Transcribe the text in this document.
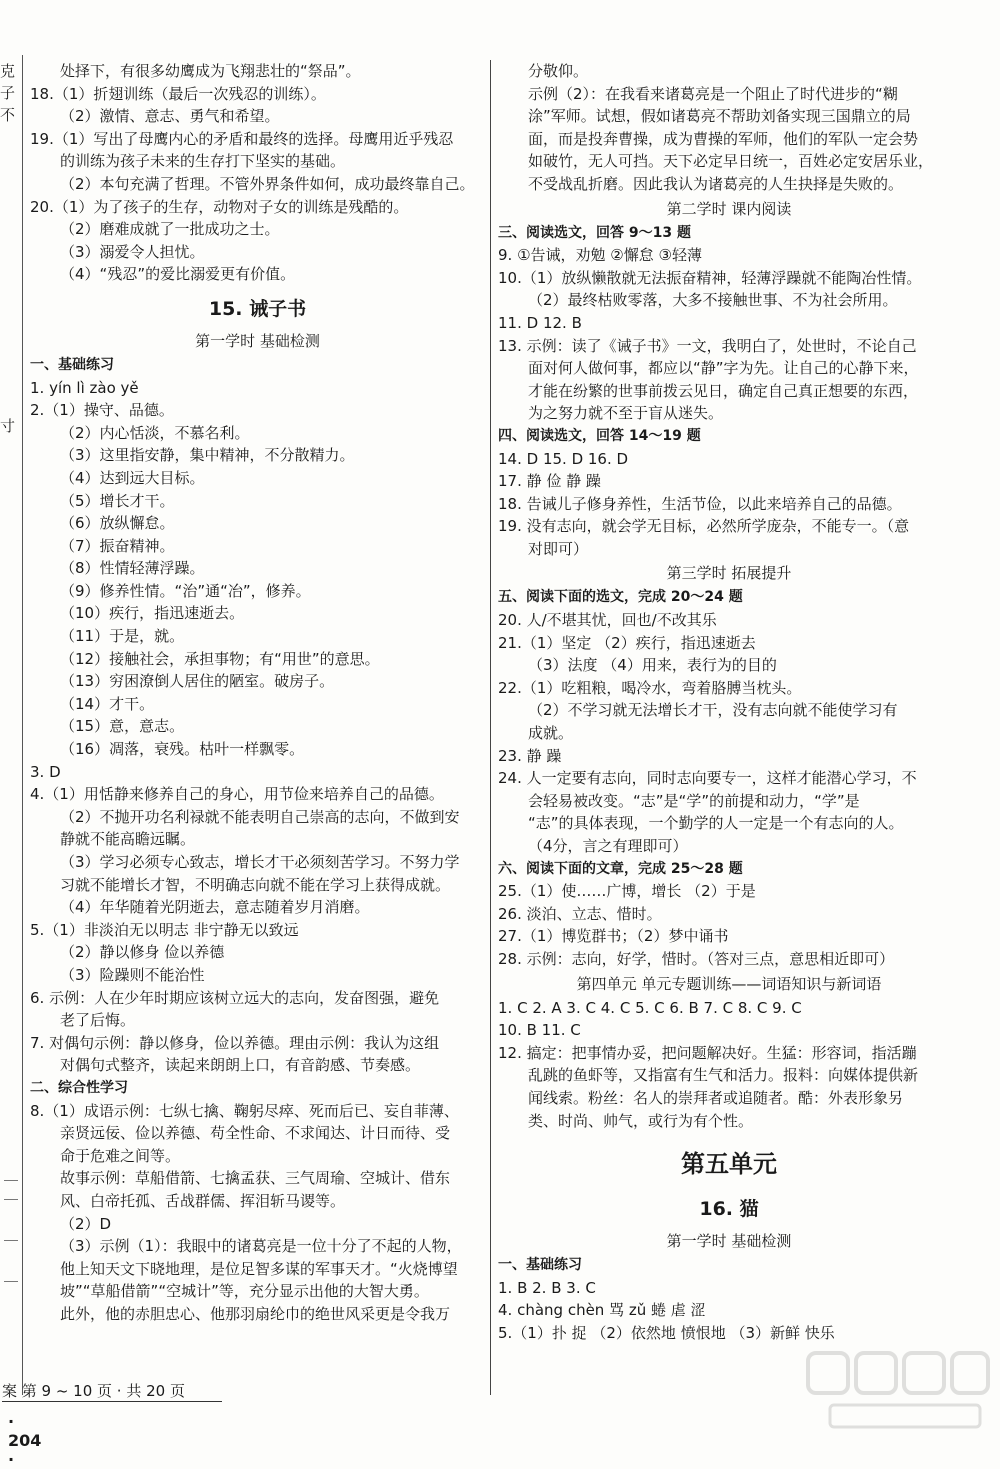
克
子
不
寸
处择下，有很多幼鹰成为飞翔悲壮的“祭品”。
18.（1）折翅训练（最后一次残忍的训练）。
（2）激情、意志、勇气和希望。
19.（1）写出了母鹰内心的矛盾和最终的选择。母鹰用近乎残忍
的训练为孩子未来的生存打下坚实的基础。
（2）本句充满了哲理。不管外界条件如何，成功最终靠自己。
20.（1）为了孩子的生存，动物对子女的训练是残酷的。
（2）磨难成就了一批成功之士。
（3）溺爱令人担忧。
（4）“残忍”的爱比溺爱更有价值。
15. 诫子书
第一学时 基础检测
一、基础练习
1. yín lì zào yě
2.（1）操守、品德。
（2）内心恬淡，不慕名利。
（3）这里指安静，集中精神，不分散精力。
（4）达到远大目标。
（5）增长才干。
（6）放纵懈怠。
（7）振奋精神。
（8）性情轻薄浮躁。
（9）修养性情。“治”通“冶”，修养。
（10）疾行，指迅速逝去。
（11）于是，就。
（12）接触社会，承担事物；有“用世”的意思。
（13）穷困潦倒人居住的陋室。破房子。
（14）才干。
（15）意，意志。
（16）凋落，衰残。枯叶一样飘零。
3. D
4.（1）用恬静来修养自己的身心，用节俭来培养自己的品德。
（2）不抛开功名利禄就不能表明自己崇高的志向，不做到安
静就不能高瞻远瞩。
（3）学习必须专心致志，增长才干必须刻苦学习。不努力学
习就不能增长才智，不明确志向就不能在学习上获得成就。
（4）年华随着光阴逝去，意志随着岁月消磨。
5.（1）非淡泊无以明志 非宁静无以致远
（2）静以修身 俭以养德
（3）险躁则不能治性
6. 示例：人在少年时期应该树立远大的志向，发奋图强，避免
老了后悔。
7. 对偶句示例：静以修身，俭以养德。理由示例：我认为这组
对偶句式整齐，读起来朗朗上口，有音韵感、节奏感。
二、综合性学习
8.（1）成语示例：七纵七擒、鞠躬尽瘁、死而后已、妄自菲薄、
亲贤远佞、俭以养德、苟全性命、不求闻达、计日而待、受
命于危难之间等。
故事示例：草船借箭、七擒孟获、三气周瑜、空城计、借东
风、白帝托孤、舌战群儒、挥泪斩马谡等。
（2）D
（3）示例（1）：我眼中的诸葛亮是一位十分了不起的人物，
他上知天文下晓地理，是位足智多谋的军事天才。“火烧博望
坡”“草船借箭”“空城计”等，充分显示出他的大智大勇。
此外，他的赤胆忠心、他那羽扇纶巾的绝世风采更是令我万
分敬仰。
示例（2）：在我看来诸葛亮是一个阻止了时代进步的“糊
涂”军师。试想，假如诸葛亮不帮助刘备实现三国鼎立的局
面，而是投奔曹操，成为曹操的军师，他们的军队一定会势
如破竹，无人可挡。天下必定早日统一，百姓必定安居乐业，
不受战乱折磨。因此我认为诸葛亮的人生抉择是失败的。
第二学时 课内阅读
三、阅读选文，回答 9～13 题
9. ①告诫，劝勉 ②懈怠 ③轻薄
10.（1）放纵懒散就无法振奋精神，轻薄浮躁就不能陶冶性情。
（2）最终枯败零落，大多不接触世事、不为社会所用。
11. D 12. B
13. 示例：读了《诫子书》一文，我明白了，处世时，不论自己
面对何人做何事，都应以“静”字为先。让自己的心静下来，
才能在纷繁的世事前拨云见日，确定自己真正想要的东西，
为之努力就不至于盲从迷失。
四、阅读选文，回答 14～19 题
14. D 15. D 16. D
17. 静 俭 静 躁
18. 告诫儿子修身养性，生活节俭，以此来培养自己的品德。
19. 没有志向，就会学无目标，必然所学庞杂，不能专一。（意
对即可）
第三学时 拓展提升
五、阅读下面的选文，完成 20～24 题
20. 人/不堪其忧，回也/不改其乐
21.（1）坚定 （2）疾行，指迅速逝去
（3）法度 （4）用来，表行为的目的
22.（1）吃粗粮，喝冷水，弯着胳膊当枕头。
（2）不学习就无法增长才干，没有志向就不能使学习有
成就。
23. 静 躁
24. 人一定要有志向，同时志向要专一，这样才能潜心学习，不
会轻易被改变。“志”是“学”的前提和动力，“学”是
“志”的具体表现，一个勤学的人一定是一个有志向的人。
（4分，言之有理即可）
六、阅读下面的文章，完成 25～28 题
25.（1）使……广博，增长 （2）于是
26. 淡泊、立志、惜时。
27.（1）博览群书；（2）梦中诵书
28. 示例：志向，好学，惜时。（答对三点，意思相近即可）
第四单元 单元专题训练——词语知识与新词语
1. C 2. A 3. C 4. C 5. C 6. B 7. C 8. C 9. C
10. B 11. C
12. 搞定：把事情办妥，把问题解决好。生猛：形容词，指活蹦
乱跳的鱼虾等，又指富有生气和活力。报料：向媒体提供新
闻线索。粉丝：名人的崇拜者或追随者。酷：外表形象另
类、时尚、帅气，或行为有个性。
第五单元
16. 猫
第一学时 基础检测
一、基础练习
1. B 2. B 3. C
4. chàng chèn 骂 zǔ 蜷 虐 涩
5.（1）扑 捉 （2）依然地 愤恨地 （3）新鲜 快乐
案 第 9 ~ 10 页 · 共 20 页
· 204 ·
